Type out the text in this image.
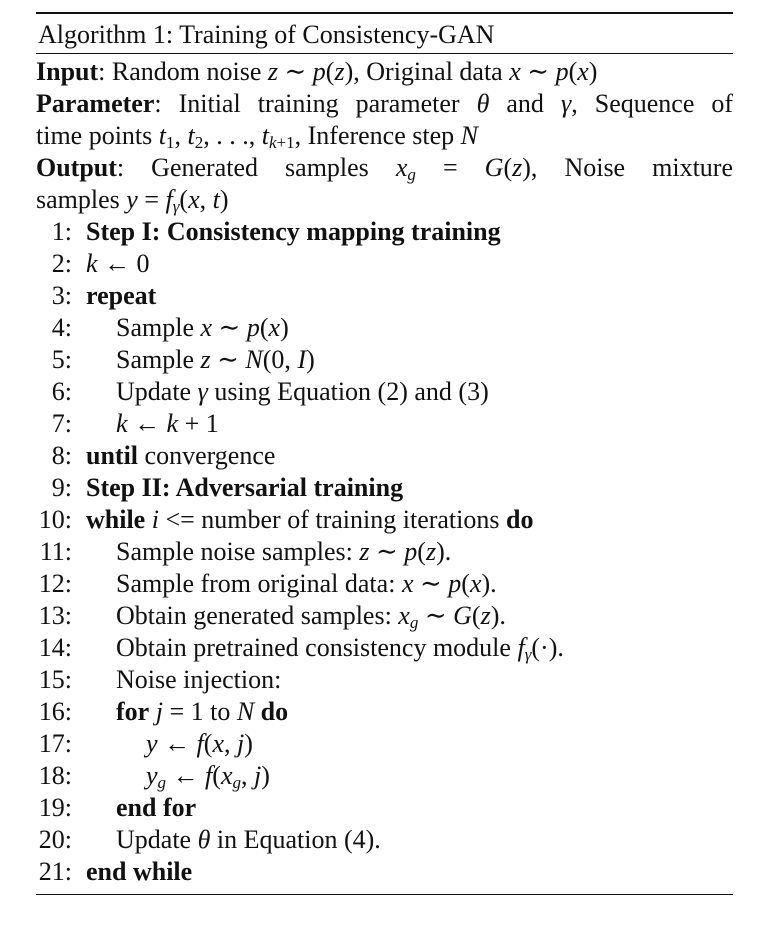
Algorithm 1: Training of Consistency-GAN
Input: Random noise z ∼ p(z), Original data x ∼ p(x)
Parameter: Initial training parameter θ and γ, Sequence of
time points $t_1$, $t_2$, . . ., $t_{k+1}$, Inference step N
Output: Generated samples $x_g = G(z)$, Noise mixture
samples $y = f_\gamma(x$, t)
1: Step I: Consistency mapping training
2: k ← 0
3: repeat
4: Sample x ∼ p(x)
5: Sample z ∼ N(0, I)
6: Update γ using Equation (2) and (3)
7: k ← k + 1
8: until convergence
9: Step II: Adversarial training
10: while i <= number of training iterations do
11: Sample noise samples: z ∼ p(z).
12: Sample from original data: x ∼ p(x).
13: Obtain generated samples: $x_g$ ∼ G(z).
14: Obtain pretrained consistency module $f_\gamma(\cdot)$.
15: Noise injection:
16: for j = 1 to N do
17:	y ← f(x, j)
18:	$y_g$ ← $f(x_g$, j)
19: end for
20: Update θ in Equation (4).
21: end while
